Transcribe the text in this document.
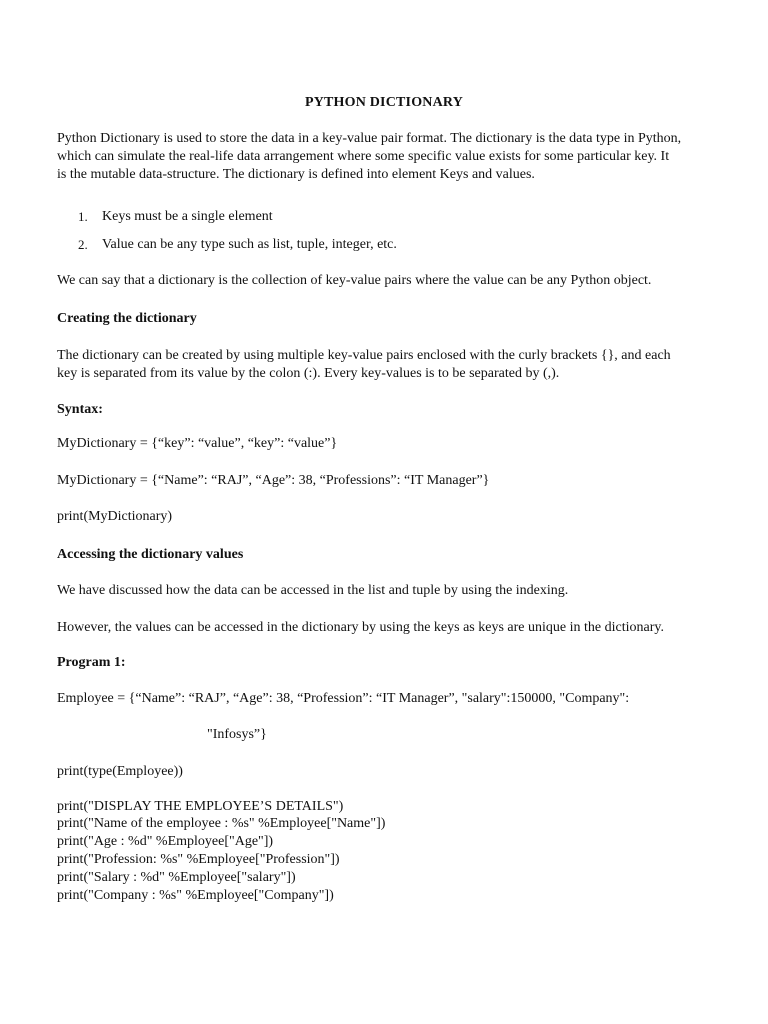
PYTHON DICTIONARY
Python Dictionary is used to store the data in a key-value pair format. The dictionary is the data type in Python,
which can simulate the real-life data arrangement where some specific value exists for some particular key. It
is the mutable data-structure. The dictionary is defined into element Keys and values.
1. Keys must be a single element
2. Value can be any type such as list, tuple, integer, etc.
We can say that a dictionary is the collection of key-value pairs where the value can be any Python object.
Creating the dictionary
The dictionary can be created by using multiple key-value pairs enclosed with the curly brackets {}, and each
key is separated from its value by the colon (:). Every key-values is to be separated by (,).
Syntax:
MyDictionary = {“key”: “value”, “key”: “value”}
MyDictionary = {“Name”: “RAJ”, “Age”: 38, “Professions”: “IT Manager”}
print(MyDictionary)
Accessing the dictionary values
We have discussed how the data can be accessed in the list and tuple by using the indexing.
However, the values can be accessed in the dictionary by using the keys as keys are unique in the dictionary.
Program 1:
Employee = {“Name”: “RAJ”, “Age”: 38, “Profession”: “IT Manager”, "salary":150000, "Company":
"Infosys”}
print(type(Employee))
print("DISPLAY THE EMPLOYEE’S DETAILS")
print("Name of the employee : %s" %Employee["Name"])
print("Age : %d" %Employee["Age"])
print("Profession: %s" %Employee["Profession"])
print("Salary : %d" %Employee["salary"])
print("Company : %s" %Employee["Company"])
